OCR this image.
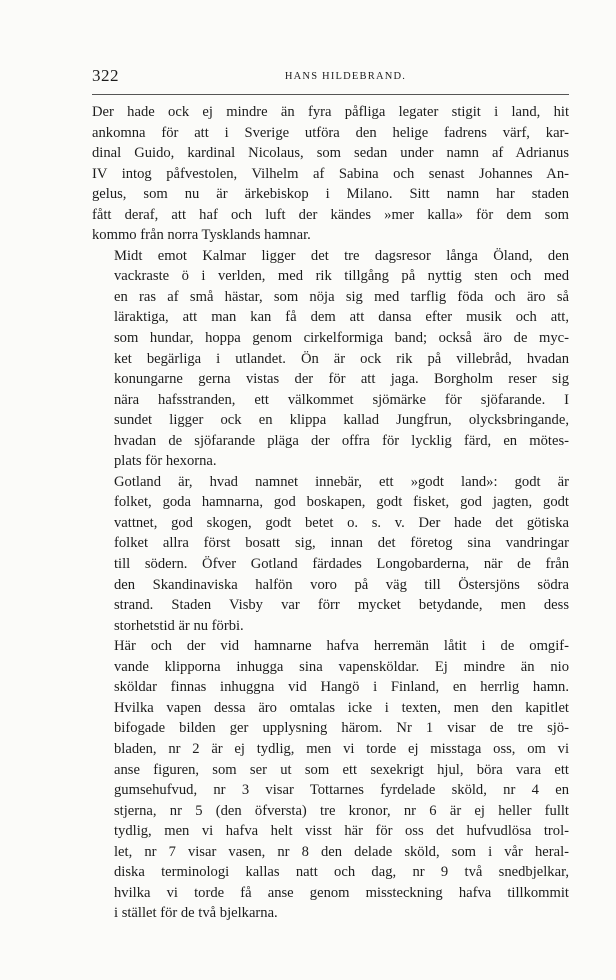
322	HANS HILDEBRAND.
Der hade ock ej mindre än fyra påfliga legater stigit i land, hit
ankomna för att i Sverige utföra den helige fadrens värf, kar-
dinal Guido, kardinal Nicolaus, som sedan under namn af Adrianus
IV intog påfvestolen, Vilhelm af Sabina och senast Johannes An-
gelus, som nu är ärkebiskop i Milano. Sitt namn har staden
fått deraf, att haf och luft der kändes »mer kalla» för dem som
kommo från norra Tysklands hamnar.
Midt emot Kalmar ligger det tre dagsresor långa Öland, den
vackraste ö i verlden, med rik tillgång på nyttig sten och med
en ras af små hästar, som nöja sig med tarflig föda och äro så
läraktiga, att man kan få dem att dansa efter musik och att,
som hundar, hoppa genom cirkelformiga band; också äro de myc-
ket begärliga i utlandet. Ön är ock rik på villebråd, hvadan
konungarne gerna vistas der för att jaga. Borgholm reser sig
nära hafsstranden, ett välkommet sjömärke för sjöfarande. I
sundet ligger ock en klippa kallad Jungfrun, olycksbringande,
hvadan de sjöfarande pläga der offra för lycklig färd, en mötes-
plats för hexorna.
Gotland är, hvad namnet innebär, ett »godt land»: godt är
folket, goda hamnarna, god boskapen, godt fisket, god jagten, godt
vattnet, god skogen, godt betet o. s. v. Der hade det götiska
folket allra först bosatt sig, innan det företog sina vandringar
till södern. Öfver Gotland färdades Longobarderna, när de från
den Skandinaviska halfön voro på väg till Östersjöns södra
strand. Staden Visby var förr mycket betydande, men dess
storhetstid är nu förbi.
Här och der vid hamnarne hafva herremän låtit i de omgif-
vande klipporna inhugga sina vapensköldar. Ej mindre än nio
sköldar finnas inhuggna vid Hangö i Finland, en herrlig hamn.
Hvilka vapen dessa äro omtalas icke i texten, men den kapitlet
bifogade bilden ger upplysning härom. Nr 1 visar de tre sjö-
bladen, nr 2 är ej tydlig, men vi torde ej misstaga oss, om vi
anse figuren, som ser ut som ett sexekrigt hjul, böra vara ett
gumsehufvud, nr 3 visar Tottarnes fyrdelade sköld, nr 4 en
stjerna, nr 5 (den öfversta) tre kronor, nr 6 är ej heller fullt
tydlig, men vi hafva helt visst här för oss det hufvudlösa trol-
let, nr 7 visar vasen, nr 8 den delade sköld, som i vår heral-
diska terminologi kallas natt och dag, nr 9 två snedbjelkar,
hvilka vi torde få anse genom missteckning hafva tillkommit
i stället för de två bjelkarna.
